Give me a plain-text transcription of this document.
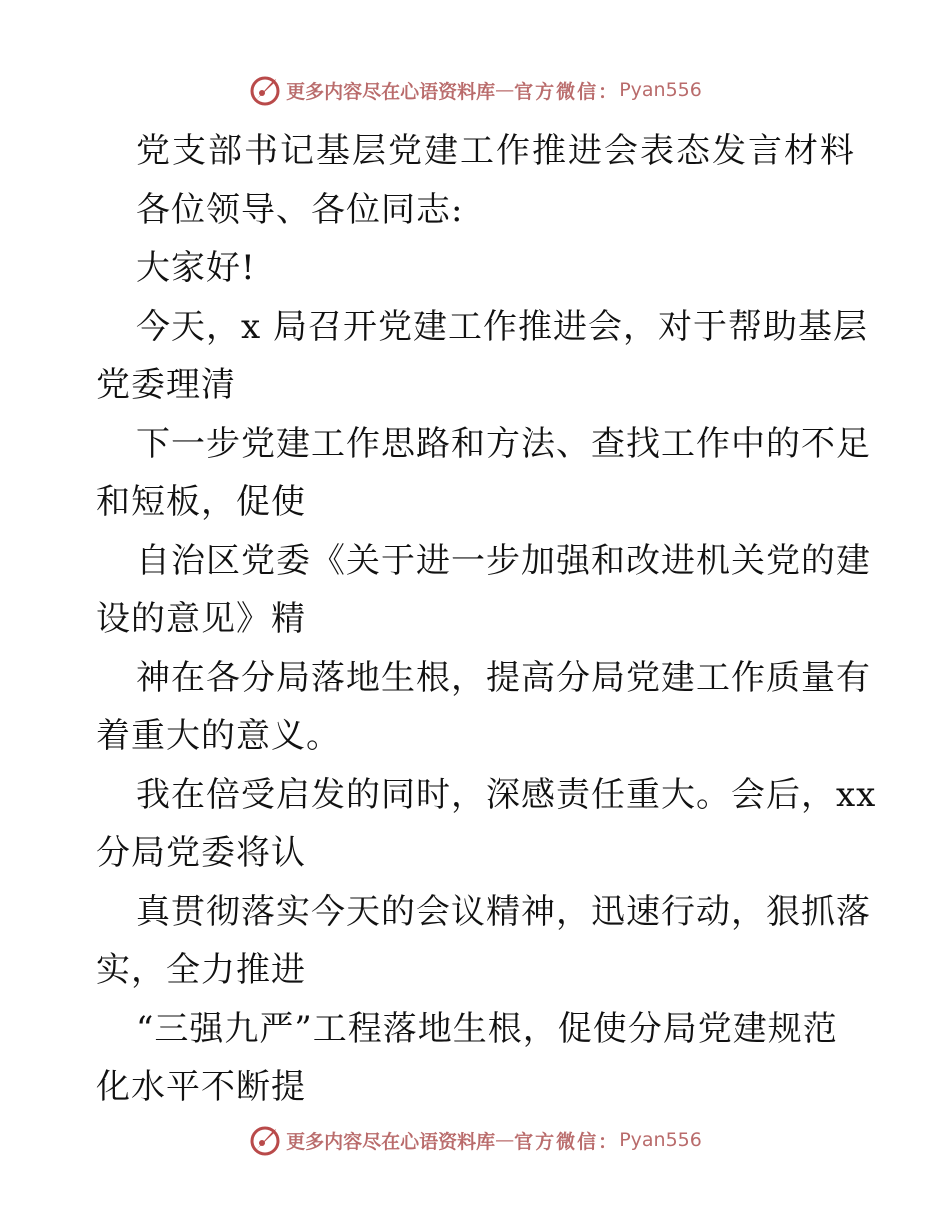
更多内容尽在心语资料库 — 官方微信： Pyan556
党支部书记基层党建工作推进会表态发言材料
各位领导、各位同志:
大家好!
今天，x 局召开党建工作推进会，对于帮助基层
党委理清
下一步党建工作思路和方法、查找工作中的不足
和短板，促使
自治区党委《关于进一步加强和改进机关党的建
设的意见》精
神在各分局落地生根，提高分局党建工作质量有
着重大的意义。
我在倍受启发的同时，深感责任重大。会后，xx
分局党委将认
真贯彻落实今天的会议精神，迅速行动，狠抓落
实，全力推进
“三强九严”工程落地生根，促使分局党建规范
化水平不断提
更多内容尽在心语资料库 — 官方微信： Pyan556
